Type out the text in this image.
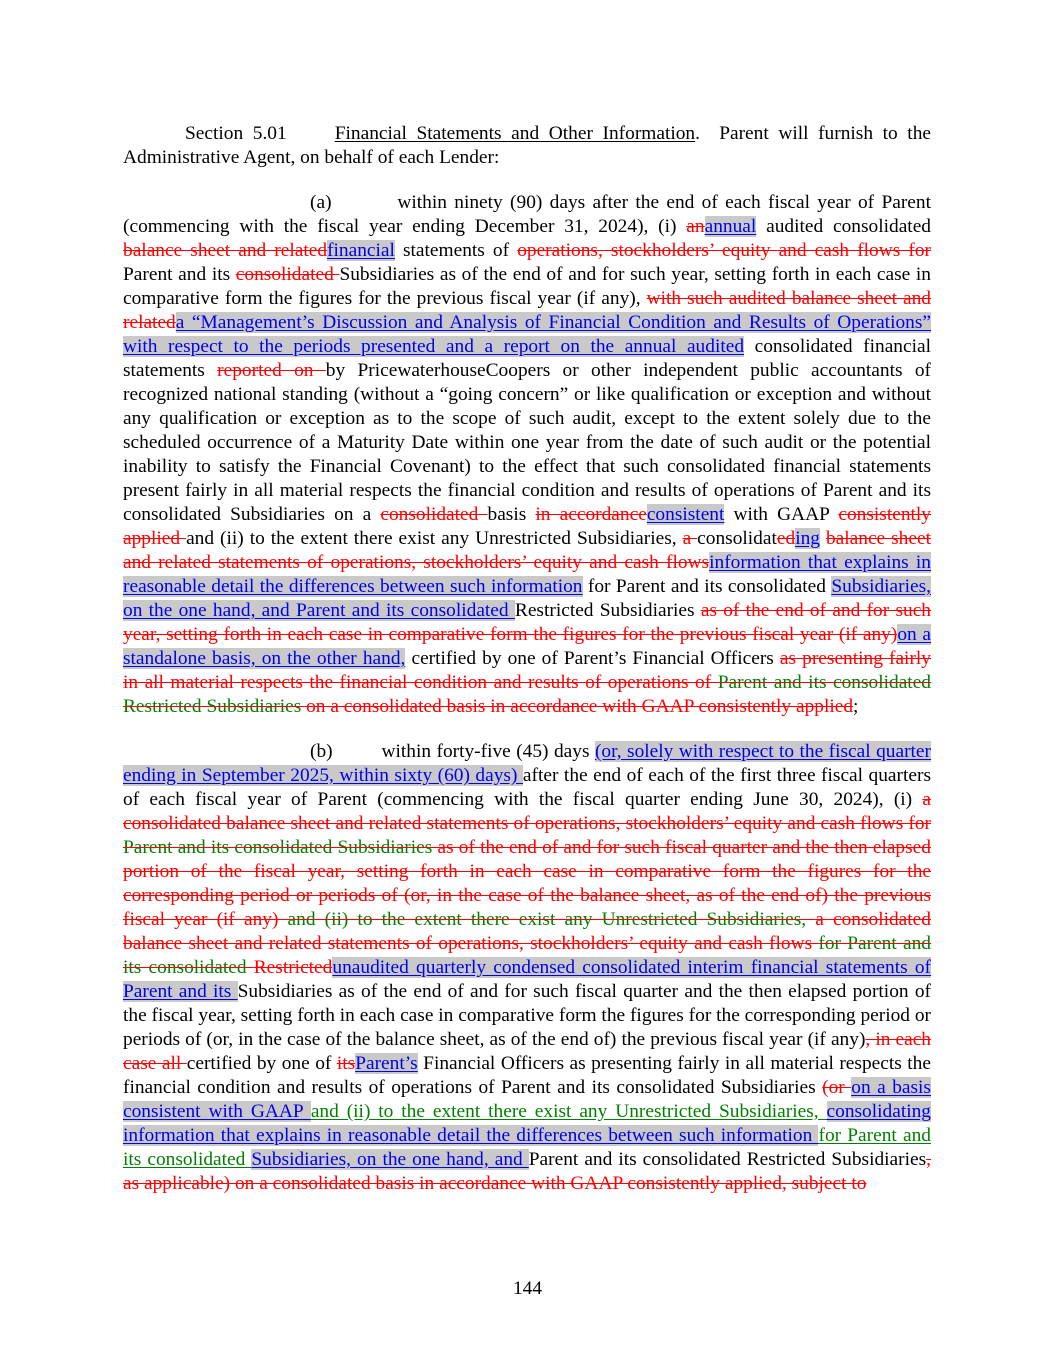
Section 5.01 Financial Statements and Other Information.  Parent will furnish to the Administrative Agent, on behalf of each Lender:

(a)	within ninety (90) days after the end of each fiscal year of Parent (commencing with the fiscal year ending December 31, 2024), (i) anannual audited consolidated balance sheet and relatedfinancial statements of operations, stockholders’ equity and cash flows for Parent and its consolidated Subsidiaries as of the end of and for such year, setting forth in each case in comparative form the figures for the previous fiscal year (if any), with such audited balance sheet and relateda “Management’s Discussion and Analysis of Financial Condition and Results of Operations” with respect to the periods presented and a report on the annual audited consolidated financial statements reported on by PricewaterhouseCoopers or other independent public accountants of recognized national standing (without a “going concern” or like qualification or exception and without any qualification or exception as to the scope of such audit, except to the extent solely due to the scheduled occurrence of a Maturity Date within one year from the date of such audit or the potential inability to satisfy the Financial Covenant) to the effect that such consolidated financial statements present fairly in all material respects the financial condition and results of operations of Parent and its consolidated Subsidiaries on a consolidated basis in accordanceconsistent with GAAP consistently applied and (ii) to the extent there exist any Unrestricted Subsidiaries, a consolidateding balance sheet and related statements of operations, stockholders’ equity and cash flowsinformation that explains in reasonable detail the differences between such information for Parent and its consolidated Subsidiaries, on the one hand, and Parent and its consolidated Restricted Subsidiaries as of the end of and for such year, setting forth in each case in comparative form the figures for the previous fiscal year (if any)on a standalone basis, on the other hand, certified by one of Parent’s Financial Officers as presenting fairly in all material respects the financial condition and results of operations of Parent and its consolidated Restricted Subsidiaries on a consolidated basis in accordance with GAAP consistently applied;

(b)	within forty-five (45) days (or, solely with respect to the fiscal quarter ending in September 2025, within sixty (60) days) after the end of each of the first three fiscal quarters of each fiscal year of Parent (commencing with the fiscal quarter ending June 30, 2024), (i) a consolidated balance sheet and related statements of operations, stockholders’ equity and cash flows for Parent and its consolidated Subsidiaries as of the end of and for such fiscal quarter and the then elapsed portion of the fiscal year, setting forth in each case in comparative form the figures for the corresponding period or periods of (or, in the case of the balance sheet, as of the end of) the previous fiscal year (if any) and (ii) to the extent there exist any Unrestricted Subsidiaries, a consolidated balance sheet and related statements of operations, stockholders’ equity and cash flows for Parent and its consolidated Restrictedunaudited quarterly condensed consolidated interim financial statements of Parent and its Subsidiaries as of the end of and for such fiscal quarter and the then elapsed portion of the fiscal year, setting forth in each case in comparative form the figures for the corresponding period or periods of (or, in the case of the balance sheet, as of the end of) the previous fiscal year (if any), in each case all certified by one of itsParent’s Financial Officers as presenting fairly in all material respects the financial condition and results of operations of Parent and its consolidated Subsidiaries (or on a basis consistent with GAAP and (ii) to the extent there exist any Unrestricted Subsidiaries, consolidating information that explains in reasonable detail the differences between such information for Parent and its consolidated Subsidiaries, on the one hand, and Parent and its consolidated Restricted Subsidiaries, as applicable) on a consolidated basis in accordance with GAAP consistently applied, subject to

144
